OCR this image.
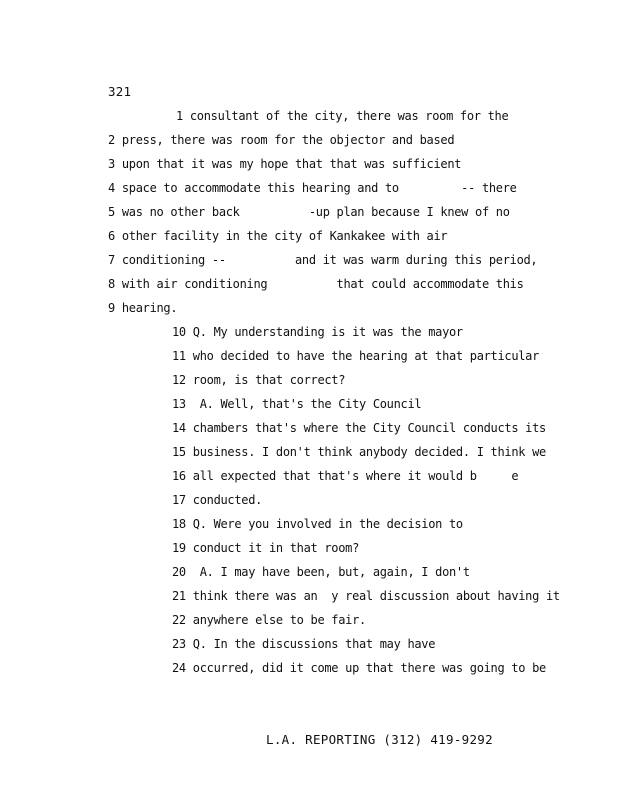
321
1 consultant of the city, there was room for the
2 press, there was room for the objector and based
3 upon that it was my hope that that was sufficient
4 space to accommodate this hearing and to         -- there
5 was no other back          -up plan because I knew of no
6 other facility in the city of Kankakee with air
7 conditioning --          and it was warm during this period,
8 with air conditioning          that could accommodate this
9 hearing.
10 Q. My understanding is it was the mayor
11 who decided to have the hearing at that particular
12 room, is that correct?
13  A. Well, that's the City Council
14 chambers that's where the City Council conducts its
15 business. I don't think anybody decided. I think we
16 all expected that that's where it would b     e
17 conducted.
18 Q. Were you involved in the decision to
19 conduct it in that room?
20  A. I may have been, but, again, I don't
21 think there was an  y real discussion about having it
22 anywhere else to be fair.
23 Q. In the discussions that may have
24 occurred, did it come up that there was going to be
L.A. REPORTING (312) 419-9292
